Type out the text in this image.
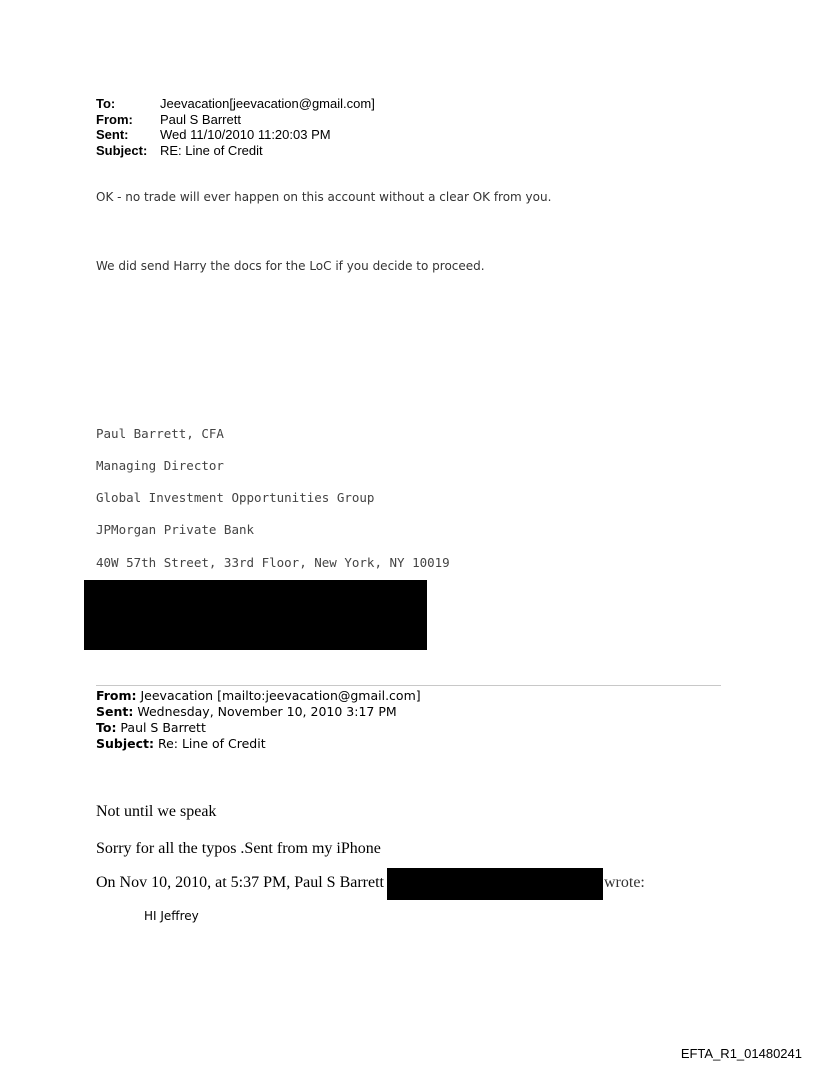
To:	Jeevacation[jeevacation@gmail.com]
From: Paul S Barrett
Sent: Wed 11/10/2010 11:20:03 PM
Subject: RE: Line of Credit
OK - no trade will ever happen on this account without a clear OK from you.
We did send Harry the docs for the LoC if you decide to proceed.
Paul Barrett, CFA
Managing Director
Global Investment Opportunities Group
JPMorgan Private Bank
40W 57th Street, 33rd Floor, New York, NY 10019
From: Jeevacation [mailto:jeevacation@gmail.com]
Sent: Wednesday, November 10, 2010 3:17 PM
To: Paul S Barrett
Subject: Re: Line of Credit
Not until we speak
Sorry for all the typos .Sent from my iPhone
On Nov 10, 2010, at 5:37 PM, Paul S Barrett	wrote:
HI Jeffrey
EFTA_R1_01480241
